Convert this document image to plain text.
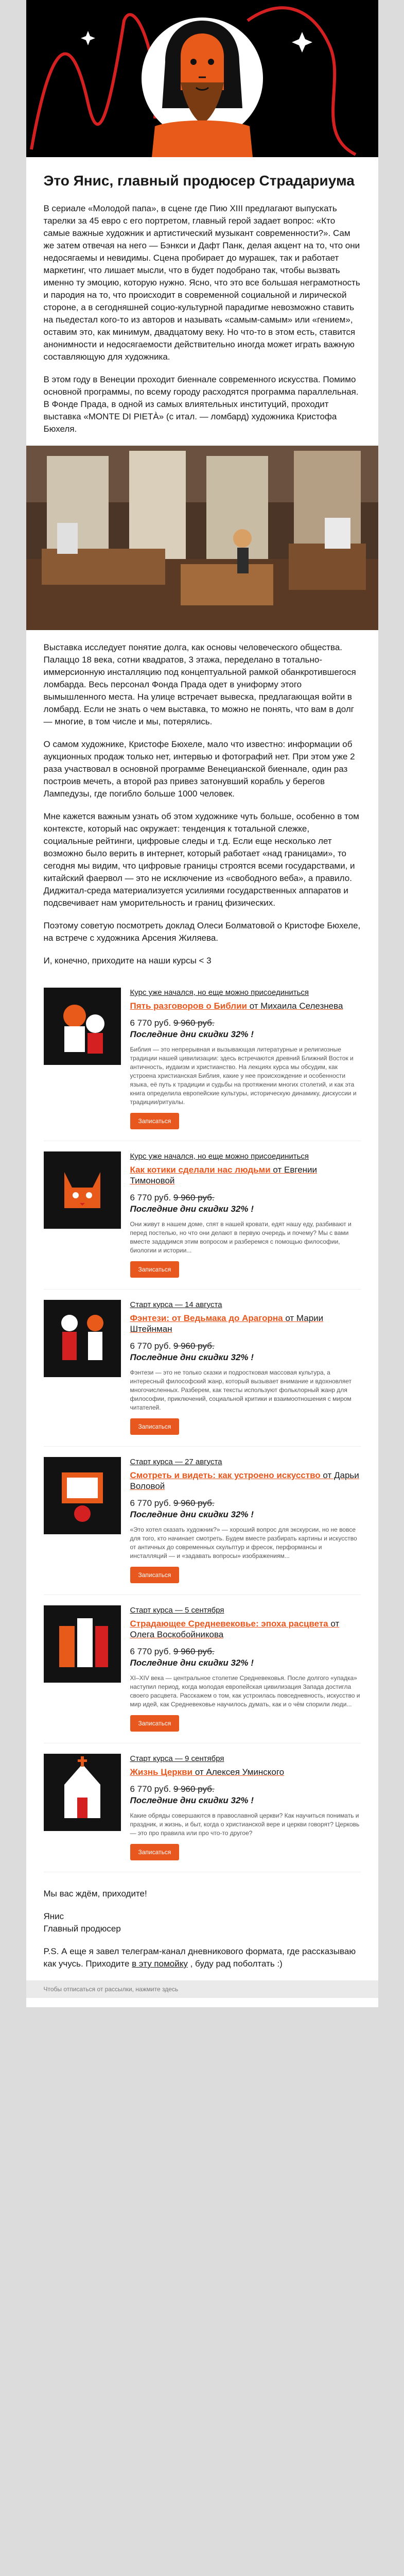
Это Янис, главный продюсер Страдариума

В сериале «Молодой папа», в сцене где Пию XIII предлагают выпускать тарелки за 45 евро с его портретом, главный герой задает вопрос: «Кто самые важные художник и артистический музыкант современности?». Сам же затем отвечая на него — Бэнкси и Дафт Панк, делая акцент на то, что они недосягаемы и невидимы. Сцена пробирает до мурашек, так и работает маркетинг, что лишает мысли, что в будет подобрано так, чтобы вызвать именно ту эмоцию, которую нужно. Ясно, что это все большая неграмотность и пародия на то, что происходит в современной социальной и лирической стороне, а в сегодняшней социо-культурной парадигме невозможно ставить на пьедестал кого-то из авторов и называть «самым-самым» или «гением», оставим это, как минимум, двадцатому веку. Но что-то в этом есть, ставится анонимности и недосягаемости действительно иногда может играть важную составляющую для художника.

В этом году в Венеции проходит биеннале современного искусства. Помимо основной программы, по всему городу расходятся программа параллельная. В Фонде Прада, в одной из самых влиятельных институций, проходит выставка «MONTE DI PIETÀ» (с итал. — ломбард) художника Кристофа Бюхеля.

Выставка исследует понятие долга, как основы человеческого общества. Палаццо 18 века, сотни квадратов, 3 этажа, переделано в тотально-иммерсионную инсталляцию под концептуальной рамкой обанкротившегося ломбарда. Весь персонал Фонда Прада одет в униформу этого вымышленного места. На улице встречает вывеска, предлагающая войти в ломбард. Если не знать о чем выставка, то можно не понять, что вам в долг — многие, в том числе и мы, потерялись.

О самом художнике, Кристофе Бюхеле, мало что известно: информации об аукционных продаж только нет, интервью и фотографий нет. При этом уже 2 раза участвовал в основной программе Венецианской биеннале, один раз построив мечеть, а второй раз привез затонувший корабль у берегов Лампедузы, где погибло больше 1000 человек.

Мне кажется важным узнать об этом художнике чуть больше, особенно в том контексте, который нас окружает: тенденция к тотальной слежке, социальные рейтинги, цифровые следы и т.д. Если еще несколько лет возможно было верить в интернет, который работает «над границами», то сегодня мы видим, что цифровые границы строятся всеми государствами, и китайский фаервол — это не исключение из «свободного веба», а правило. Диджитал-среда материализуется усилиями государственных аппаратов и подсвечивает нам уморительность и границ физических.

Поэтому советую посмотреть доклад Олеси Болматовой о Кристофе Бюхеле, на встрече с художника Арсения Жиляева.

И, конечно, приходите на наши курсы < 3

Курс уже начался, но еще можно присоединиться
Пять разговоров о Библии от Михаила Селезнева
6 770 руб. 9 960 руб.
Последние дни скидки 32% !
Библия — это непрерывная и вызывающая литературные и религиозные традиции нашей цивилизации: здесь встречаются древний Ближний Восток и античность, иудаизм и христианство. На лекциях курса мы обсудим, как устроена христианская Библия, какие у нее происхождение и особенности языка, её путь к традиции и судьбы на протяжении многих столетий, и как эта книга определила европейские культуры, историческую динамику, дискуссии и традиции/ритуалы.
Записаться
Курс уже начался, но еще можно присоединиться
Как котики сделали нас людьми от Евгении Тимоновой
6 770 руб. 9 960 руб.
Последние дни скидки 32% !
Они живут в нашем доме, спят в нашей кровати, едят нашу еду, разбивают и перед постелью, но что они делают в первую очередь и почему? Мы с вами вместе зададимся этим вопросом и разберемся с помощью философии, биологии и истории...
Записаться
Старт курса — 14 августа
Фэнтези: от Ведьмака до Арагорна от Марии Штейнман
6 770 руб. 9 960 руб.
Последние дни скидки 32% !
Фэнтези — это не только сказки и подростковая массовая культура, а интересный философский жанр, который вызывает внимание и вдохновляет многочисленных. Разберем, как тексты используют фольклорный жанр для философии, приключений, социальной критики и взаимоотношения с миром читателей.
Записаться
Старт курса — 27 августа
Смотреть и видеть: как устроено искусство от Дарьи Воловой
6 770 руб. 9 960 руб.
Последние дни скидки 32% !
«Это хотел сказать художник?» — хороший вопрос для экскурсии, но не вовсе для того, кто начинает смотреть. Будем вместе разбирать картины и искусство от античных до современных скульптур и фресок, перформансы и инсталляций — и «задавать вопросы» изображениям...
Записаться
Старт курса — 5 сентября
Страдающее Средневековье: эпоха расцвета от Олега Воскобойникова
6 770 руб. 9 960 руб.
Последние дни скидки 32% !
XI–XIV века — центральное столетие Средневековья. После долгого «упадка» наступил период, когда молодая европейская цивилизация Запада достигла своего расцвета. Расскажем о том, как устроилась повседневность, искусство и мир идей, как Средневековье научилось думать, как и о чём спорили люди...
Записаться
Старт курса — 9 сентября
Жизнь Церкви от Алексея Уминского
6 770 руб. 9 960 руб.
Последние дни скидки 32% !
Какие обряды совершаются в православной церкви? Как научиться понимать и праздник, и жизнь, и быт, когда о христианской вере и церкви говорят? Церковь — это про правила или про что-то другое?
Записаться

Мы вас ждём, приходите!

Янис

Главный продюсер

P.S. А еще я завел телеграм-канал дневникового формата, где рассказываю как учусь. Приходите в эту помойку , буду рад поболтать :)

Чтобы отписаться от рассылки, нажмите здесь
